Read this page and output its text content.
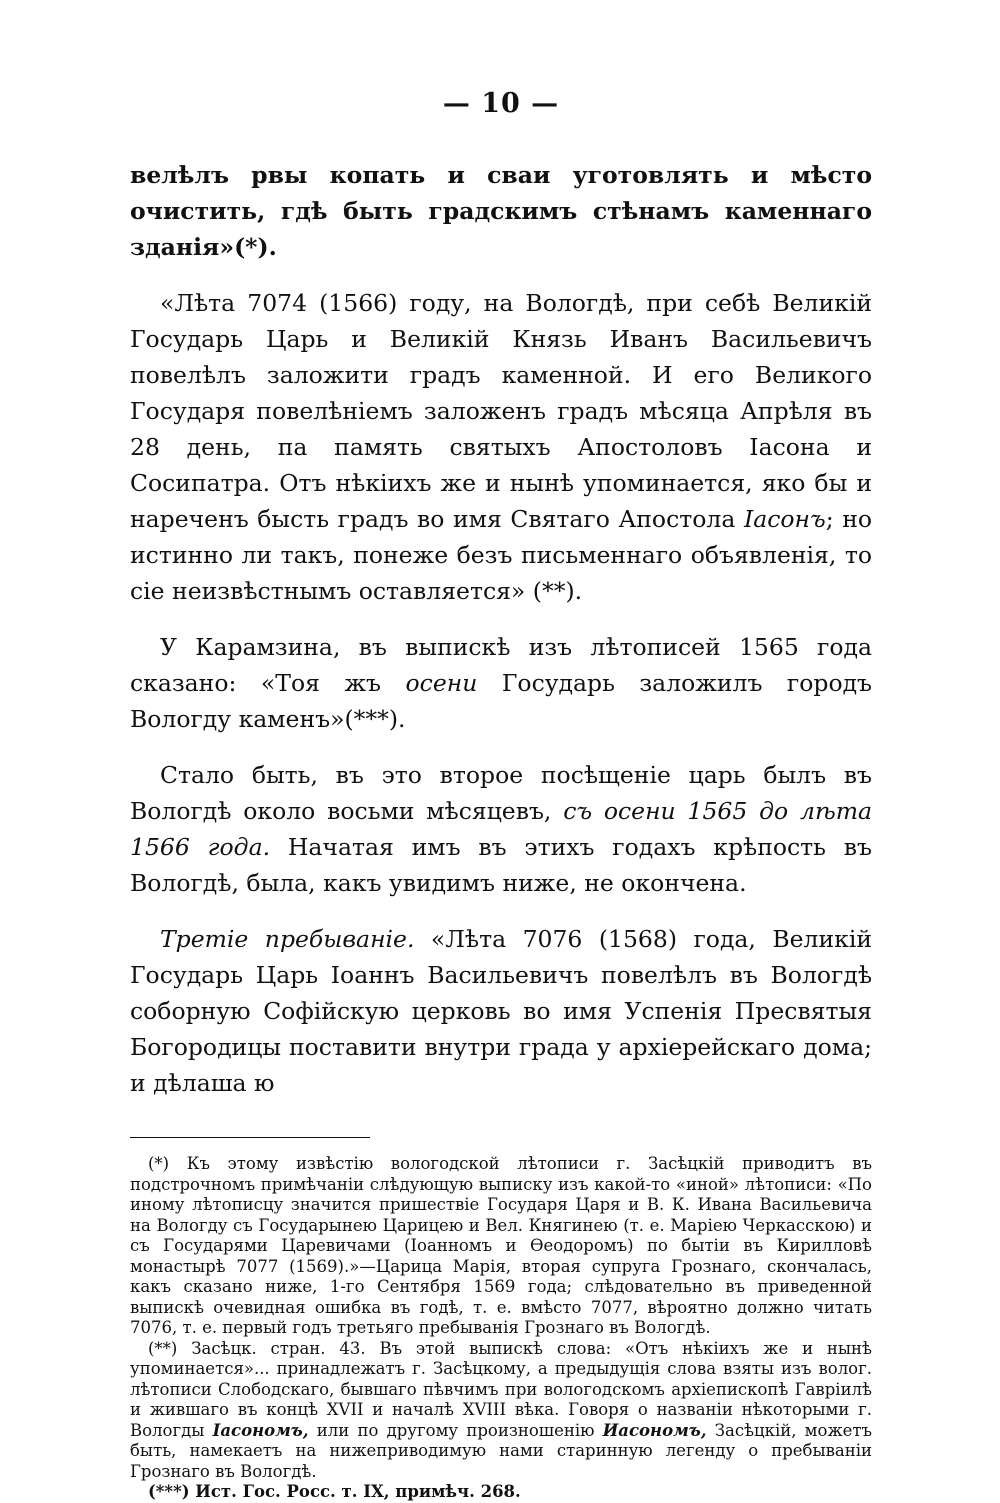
— 10 —

велѣлъ рвы копать и сваи уготовлять и мѣсто очистить, гдѣ быть градскимъ стѣнамъ каменнаго зданія»(*).

«Лѣта 7074 (1566) году, на Вологдѣ, при себѣ Великій Государь Царь и Великій Князь Иванъ Васильевичъ повелѣлъ заложити градъ каменной. И его Великого Государя повелѣніемъ заложенъ градъ мѣсяца Апрѣля въ 28 день, па память святыхъ Апостоловъ Іасона и Сосипатра. Отъ нѣкіихъ же и нынѣ упоминается, яко бы и нареченъ бысть градъ во имя Святаго Апостола Іасонъ; но истинно ли такъ, понеже безъ письменнаго объявленія, то сіе неизвѣстнымъ оставляется» (**).

У Карамзина, въ выпискѣ изъ лѣтописей 1565 года сказано: «Тоя жъ осени Государь заложилъ городъ Вологду каменъ»(***).

Стало быть, въ это второе посѣщеніе царь былъ въ Вологдѣ около восьми мѣсяцевъ, съ осени 1565 до лѣта 1566 года. Начатая имъ въ этихъ годахъ крѣпость въ Вологдѣ, была, какъ увидимъ ниже, не окончена.

Третіе пребываніе. «Лѣта 7076 (1568) года, Великій Государь Царь Іоаннъ Васильевичъ повелѣлъ въ Вологдѣ соборную Софійскую церковь во имя Успенія Пресвятыя Богородицы поставити внутри града у архіерейскаго дома; и дѣлаша ю

(*) Къ этому извѣстію вологодской лѣтописи г. Засѣцкій приводитъ въ подстрочномъ примѣчаніи слѣдующую выписку изъ какой-то «иной» лѣтописи: «По иному лѣтописцу значится пришествіе Государя Царя и В. К. Ивана Васильевича на Вологду съ Государынею Царицею и Вел. Княгинею (т. е. Маріею Черкасскою) и съ Государями Царевичами (Іоанномъ и Ѳеодоромъ) по бытіи въ Кирилловѣ монастырѣ 7077 (1569).»—Царица Марія, вторая супруга Грознаго, скончалась, какъ сказано ниже, 1-го Сентября 1569 года; слѣдовательно въ приведенной выпискѣ очевидная ошибка въ годѣ, т. е. вмѣсто 7077, вѣроятно должно читать 7076, т. е. первый годъ третьяго пребыванія Грознаго въ Вологдѣ.

(**) Засѣцк. стран. 43. Въ этой выпискѣ слова: «Отъ нѣкіихъ же и нынѣ упоминается»... принадлежатъ г. Засѣцкому, а предыдущія слова взяты изъ волог. лѣтописи Слободскаго, бывшаго пѣвчимъ при вологодскомъ архіепископѣ Гавріилѣ и жившаго въ концѣ XVII и началѣ XVIII вѣка. Говоря о названіи нѣкоторыми г. Вологды Іасономъ, или по другому произношенію Иасономъ, Засѣцкій, можетъ быть, намекаетъ на нижеприводимую нами старинную легенду о пребываніи Грознаго въ Вологдѣ.

(***) Ист. Гос. Росс. т. IX, примѣч. 268.
